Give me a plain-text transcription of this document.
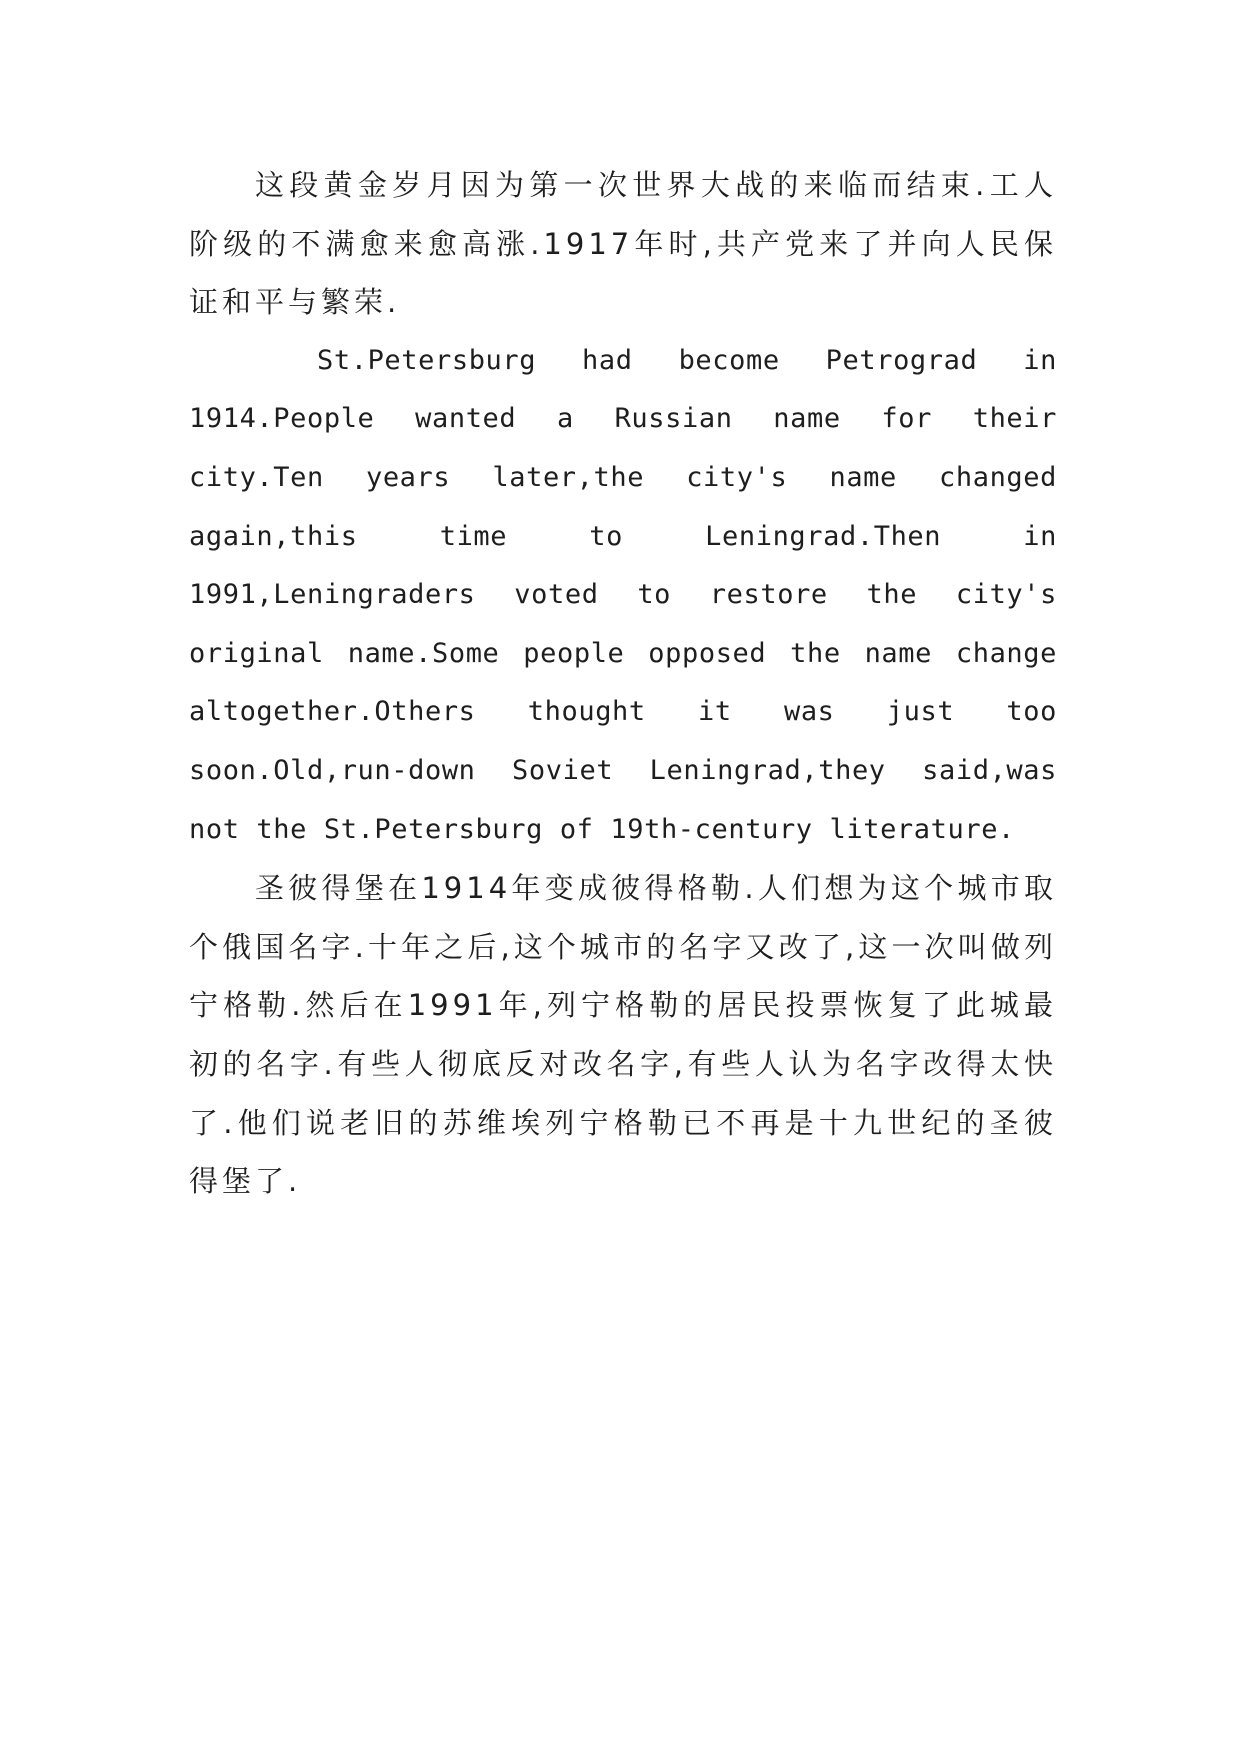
这段黄金岁月因为第一次世界大战的来临而结束.工人阶级的不满愈来愈高涨.1917年时,共产党来了并向人民保证和平与繁荣.

St.Petersburg had become Petrograd in 1914.People wanted a Russian name for their city.Ten years later,the city's name changed again,this time to Leningrad.Then in 1991,Leningraders voted to restore the city's original name.Some people opposed the name change altogether.Others thought it was just too soon.Old,run-down Soviet Leningrad,they said,was not the St.Petersburg of 19th-century literature.

圣彼得堡在1914年变成彼得格勒.人们想为这个城市取个俄国名字.十年之后,这个城市的名字又改了,这一次叫做列宁格勒.然后在1991年,列宁格勒的居民投票恢复了此城最初的名字.有些人彻底反对改名字,有些人认为名字改得太快了.他们说老旧的苏维埃列宁格勒已不再是十九世纪的圣彼得堡了.
